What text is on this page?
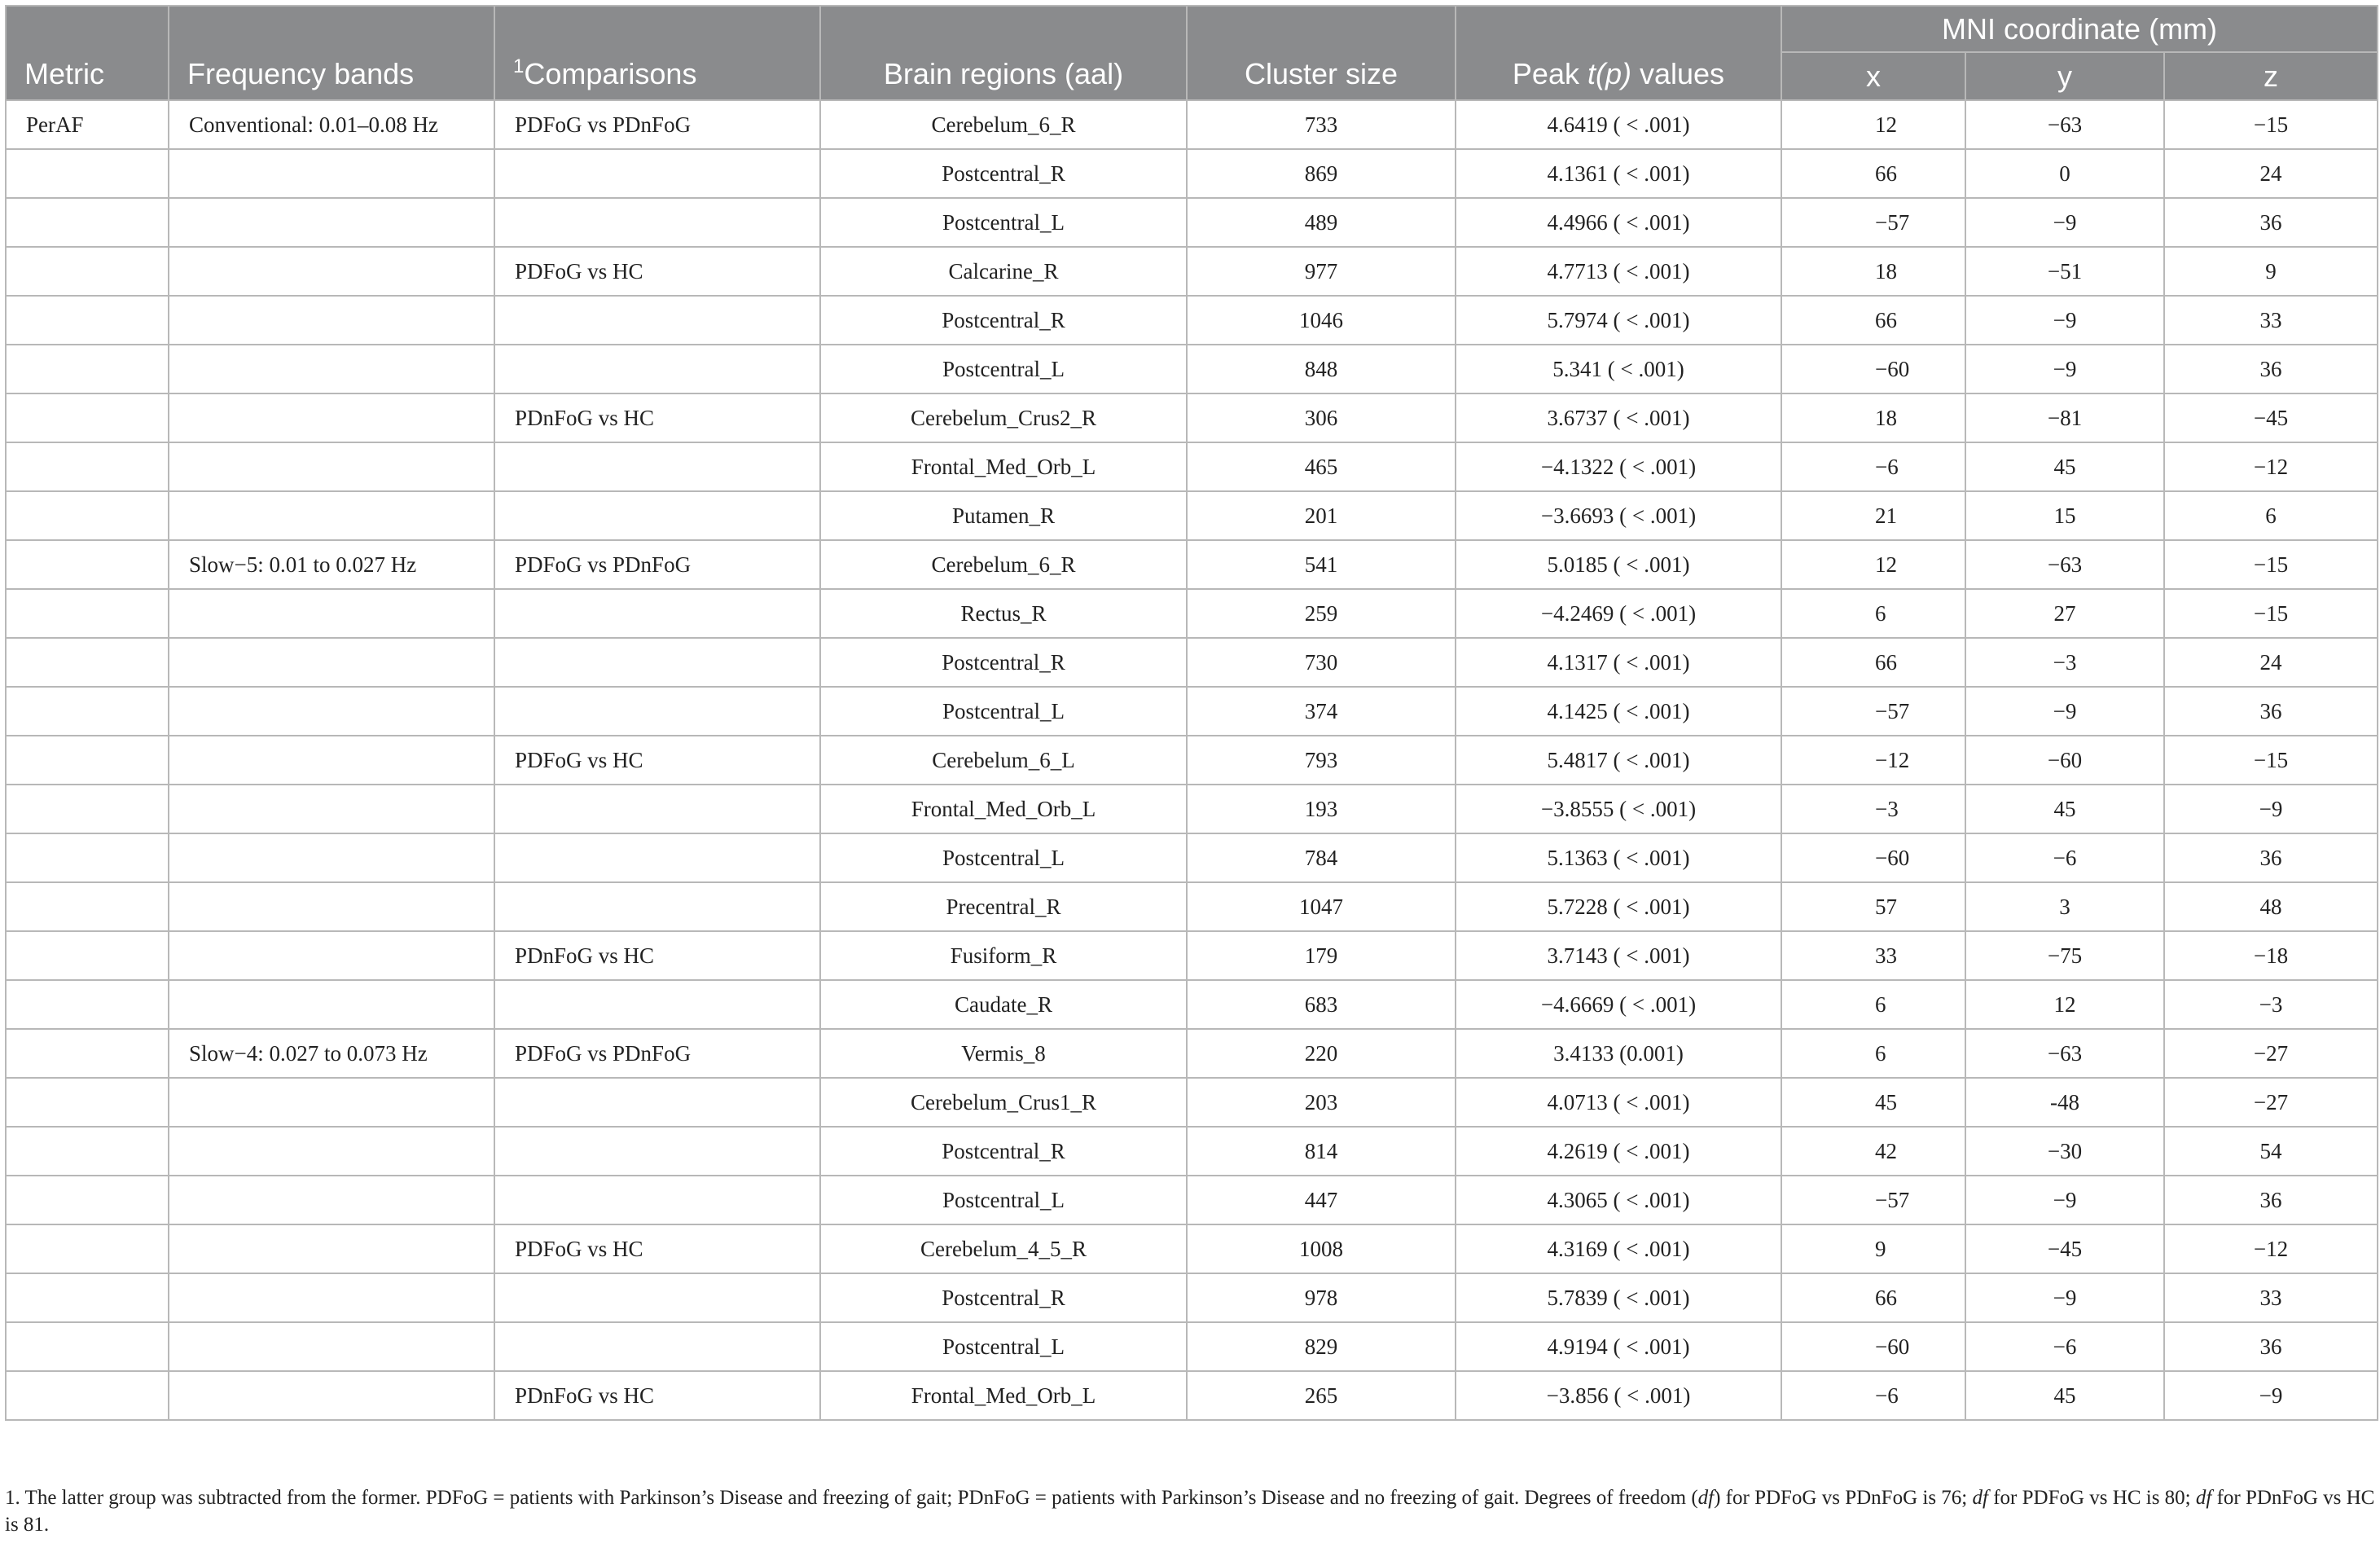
Metric	Frequency bands	$^1$Comparisons	Brain regions (aal)	Cluster size	Peak t(p) values	MNI coordinate (mm)		
						x	y	z
PerAF	Conventional: 0.01–0.08 Hz	PDFoG vs PDnFoG	Cerebelum_6_R	733	4.6419 ( < .001)	12	−63	−15
			Postcentral_R	869	4.1361 ( < .001)	66	0	24
			Postcentral_L	489	4.4966 ( < .001)	−57	−9	36
		PDFoG vs HC	Calcarine_R	977	4.7713 ( < .001)	18	−51	9
			Postcentral_R	1046	5.7974 ( < .001)	66	−9	33
			Postcentral_L	848	5.341 ( < .001)	−60	−9	36
		PDnFoG vs HC	Cerebelum_Crus2_R	306	3.6737 ( < .001)	18	−81	−45
			Frontal_Med_Orb_L	465	−4.1322 ( < .001)	−6	45	−12
			Putamen_R	201	−3.6693 ( < .001)	21	15	6
	Slow−5: 0.01 to 0.027 Hz	PDFoG vs PDnFoG	Cerebelum_6_R	541	5.0185 ( < .001)	12	−63	−15
			Rectus_R	259	−4.2469 ( < .001)	6	27	−15
			Postcentral_R	730	4.1317 ( < .001)	66	−3	24
			Postcentral_L	374	4.1425 ( < .001)	−57	−9	36
		PDFoG vs HC	Cerebelum_6_L	793	5.4817 ( < .001)	−12	−60	−15
			Frontal_Med_Orb_L	193	−3.8555 ( < .001)	−3	45	−9
			Postcentral_L	784	5.1363 ( < .001)	−60	−6	36
			Precentral_R	1047	5.7228 ( < .001)	57	3	48
		PDnFoG vs HC	Fusiform_R	179	3.7143 ( < .001)	33	−75	−18
			Caudate_R	683	−4.6669 ( < .001)	6	12	−3
	Slow−4: 0.027 to 0.073 Hz	PDFoG vs PDnFoG	Vermis_8	220	3.4133 (0.001)	6	−63	−27
			Cerebelum_Crus1_R	203	4.0713 ( < .001)	45	-48	−27
			Postcentral_R	814	4.2619 ( < .001)	42	−30	54
			Postcentral_L	447	4.3065 ( < .001)	−57	−9	36
		PDFoG vs HC	Cerebelum_4_5_R	1008	4.3169 ( < .001)	9	−45	−12
			Postcentral_R	978	5.7839 ( < .001)	66	−9	33
			Postcentral_L	829	4.9194 ( < .001)	−60	−6	36
		PDnFoG vs HC	Frontal_Med_Orb_L	265	−3.856 ( < .001)	−6	45	−9
1. The latter group was subtracted from the former. PDFoG = patients with Parkinson’s Disease and freezing of gait; PDnFoG = patients with Parkinson’s Disease and no freezing of gait. Degrees of freedom (df) for PDFoG vs PDnFoG is 76; df for PDFoG vs HC is 80; df for PDnFoG vs HC is 81.
